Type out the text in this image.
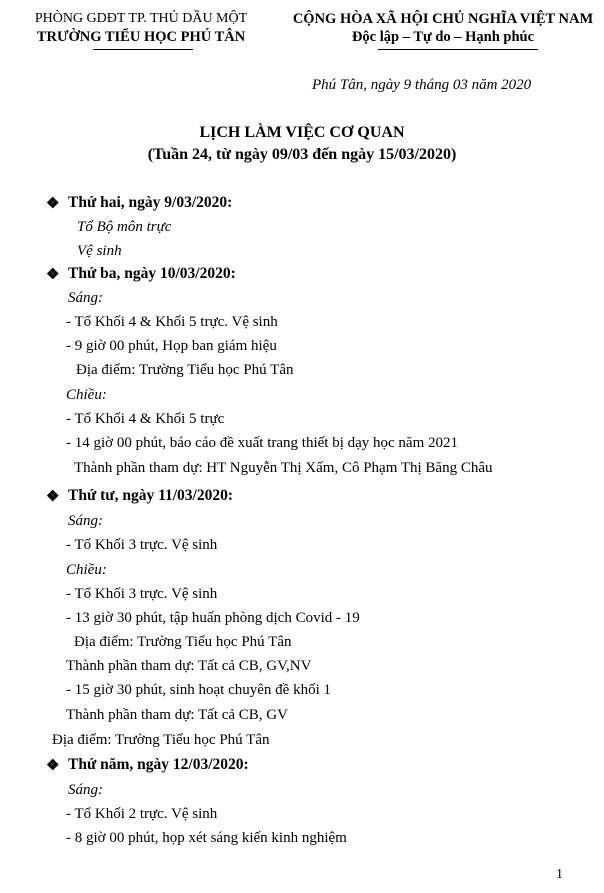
PHÒNG GDĐT TP. THỦ DẦU MỘT
TRƯỜNG TIỂU HỌC PHÚ TÂN
CỘNG HÒA XÃ HỘI CHỦ NGHĨA VIỆT NAM
Độc lập – Tự do – Hạnh phúc
Phú Tân, ngày 9 tháng 03 năm 2020
LỊCH LÀM VIỆC CƠ QUAN
(Tuần 24, từ ngày 09/03 đến ngày 15/03/2020)
❖ Thứ hai, ngày 9/03/2020:
Tổ Bộ môn trực
Vệ sinh
❖ Thứ ba, ngày 10/03/2020:
Sáng:
- Tổ Khối 4 & Khối 5 trực. Vệ sinh
- 9 giờ 00 phút, Họp ban giám hiệu
Địa điểm: Trường Tiểu học Phú Tân
Chiều:
- Tổ Khối 4 & Khối 5 trực
- 14 giờ 00 phút, báo cáo đề xuất trang thiết bị dạy học năm 2021
Thành phần tham dự: HT Nguyễn Thị Xấm, Cô Phạm Thị Băng Châu
❖ Thứ tư, ngày 11/03/2020:
Sáng:
- Tổ Khối 3 trực. Vệ sinh
Chiều:
- Tổ Khối 3 trực. Vệ sinh
- 13 giờ 30 phút, tập huấn phòng dịch Covid - 19
Địa điểm: Trường Tiểu học Phú Tân
Thành phần tham dự: Tất cả CB, GV,NV
- 15 giờ 30 phút, sinh hoạt chuyên đề khối 1
Thành phần tham dự: Tất cả CB, GV
Địa điểm: Trường Tiểu học Phú Tân
❖ Thứ năm, ngày 12/03/2020:
Sáng:
- Tổ Khối 2 trực. Vệ sinh
- 8 giờ 00 phút, họp xét sáng kiến kinh nghiệm
1
